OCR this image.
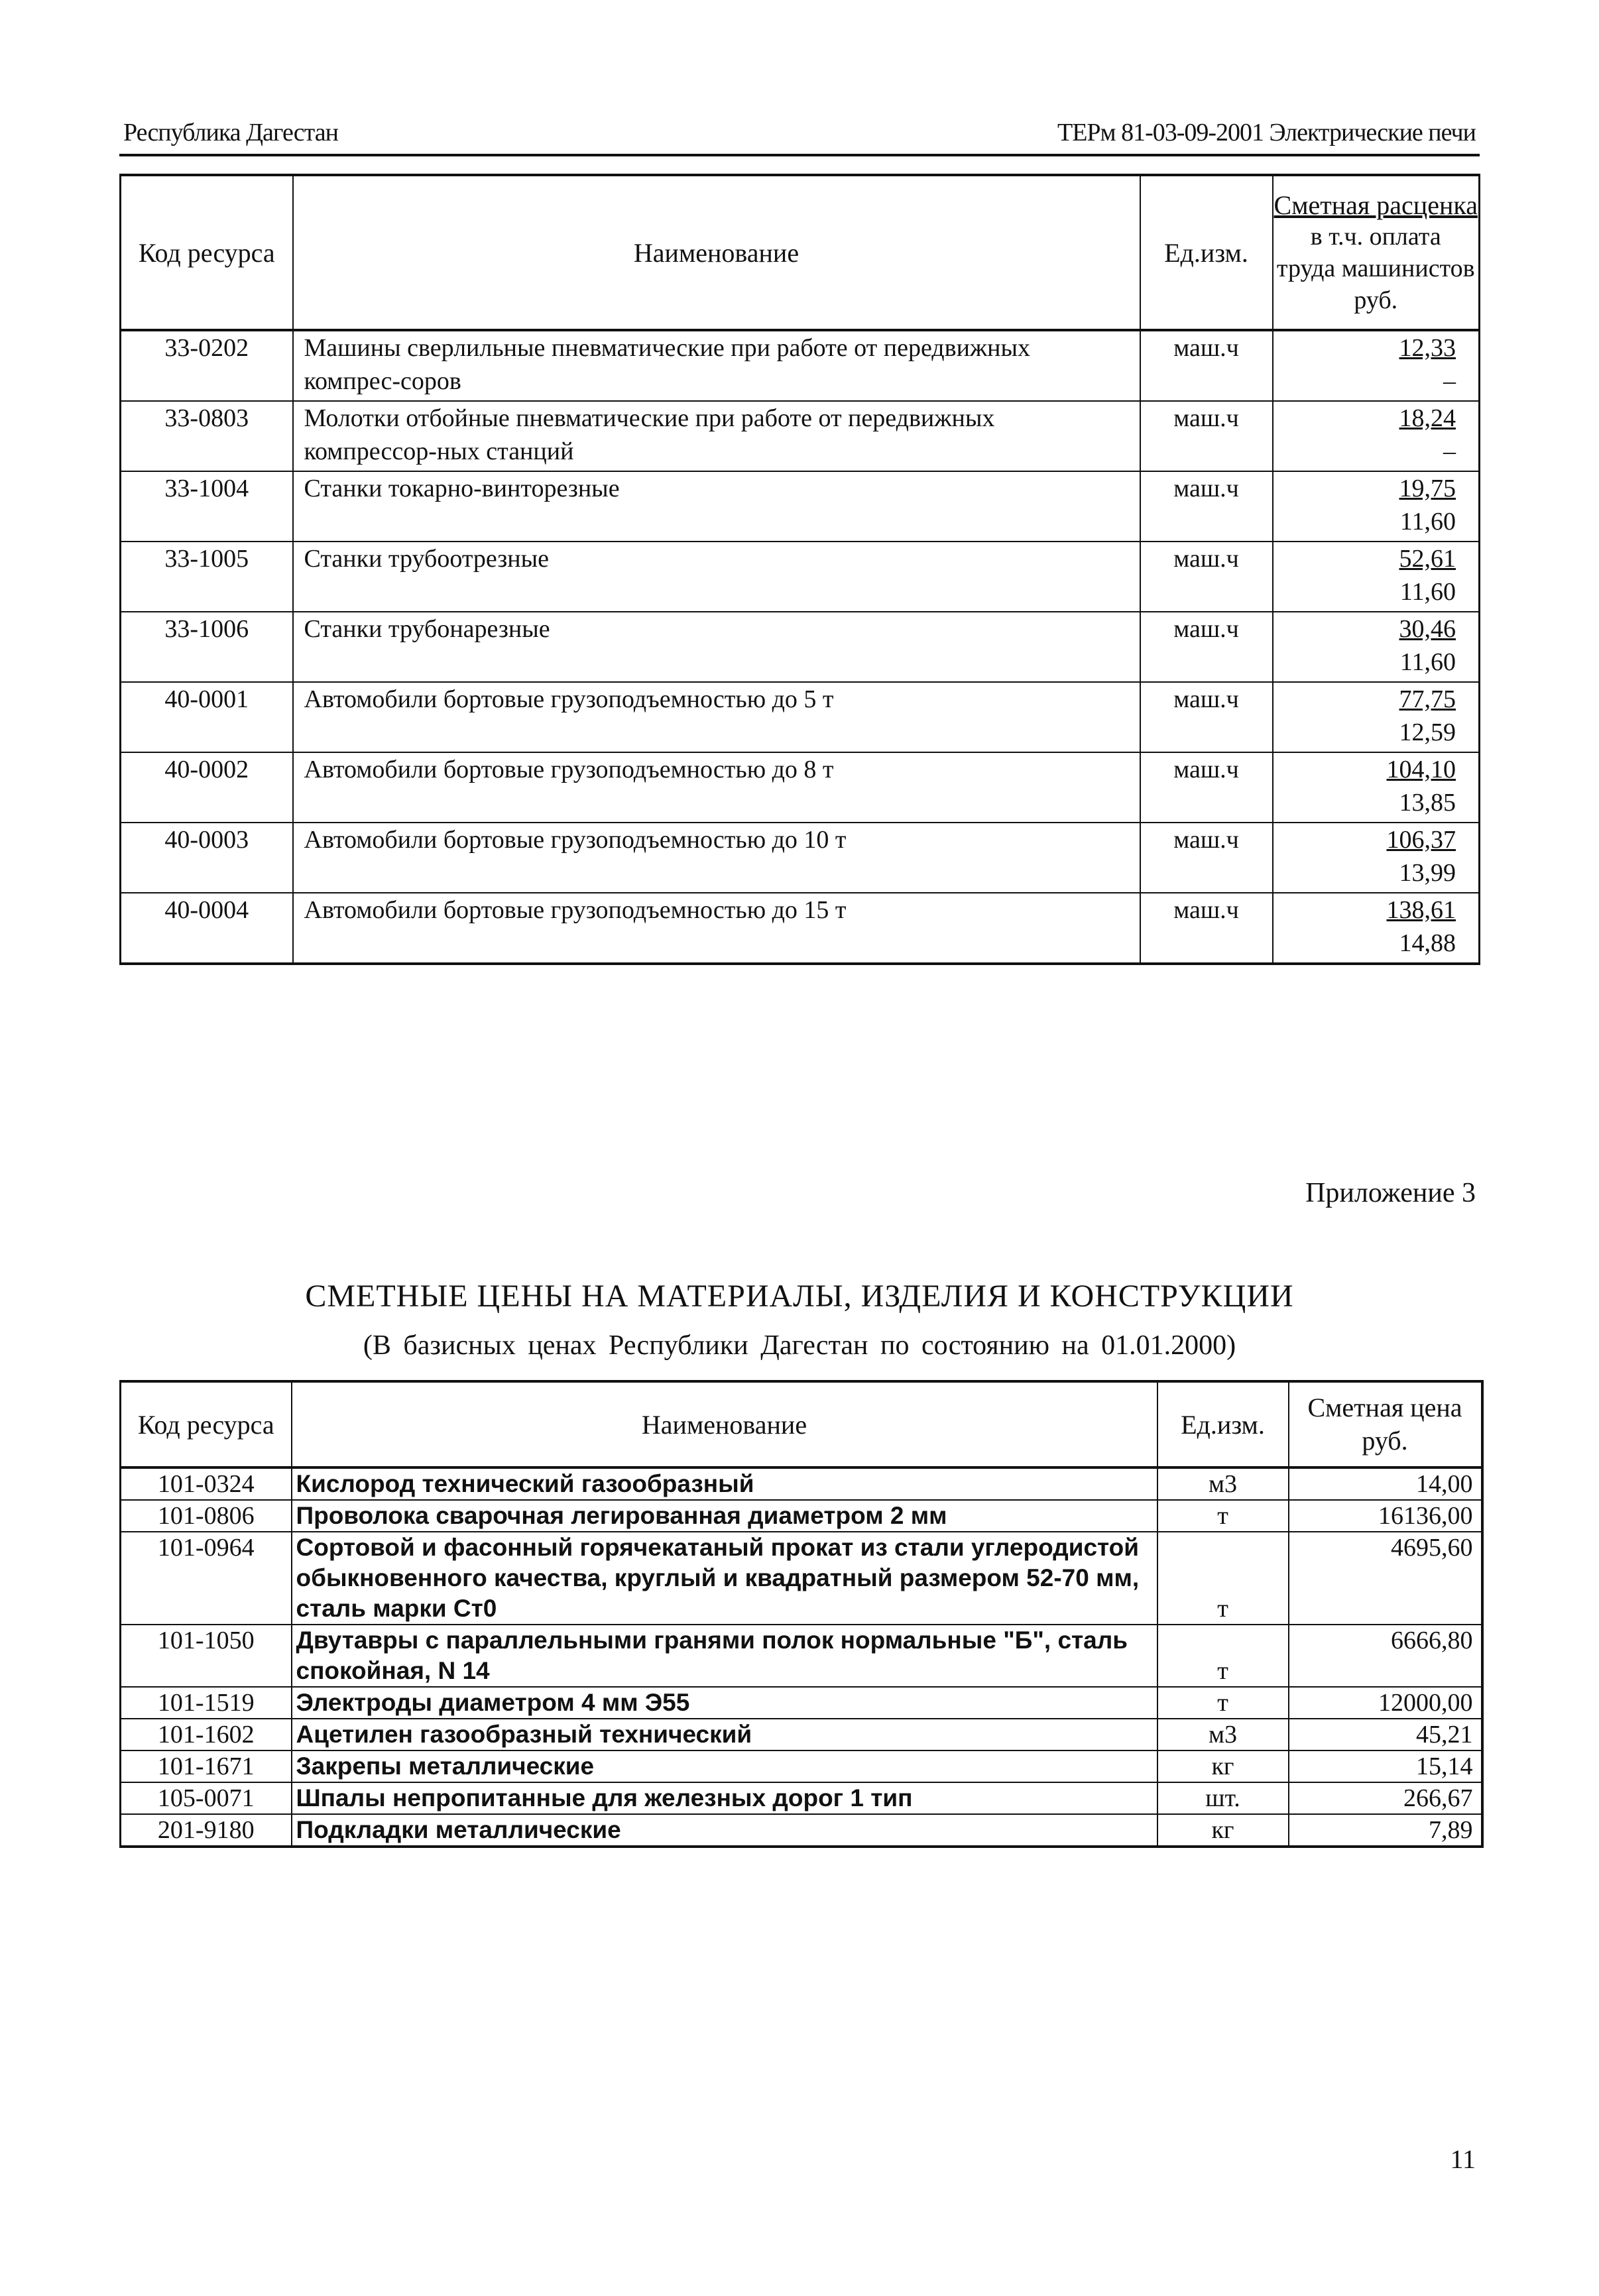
Республика Дагестан	ТЕРм 81-03-09-2001 Электрические печи
Код ресурса	Наименование	Ед.изм.	Сметная расценка
в т.ч. оплата
труда машинистов
руб.

33-0202	Машины сверлильные пневматические при работе от передвижных компрес-соров	маш.ч	12,33
–

33-0803	Молотки отбойные пневматические при работе от передвижных компрессор-ных станций	маш.ч	18,24
–

33-1004	Станки токарно-винторезные	маш.ч	19,75
11,60

33-1005	Станки трубоотрезные	маш.ч	52,61
11,60

33-1006	Станки трубонарезные	маш.ч	30,46
11,60

40-0001	Автомобили бортовые грузоподъемностью до 5 т	маш.ч	77,75
12,59

40-0002	Автомобили бортовые грузоподъемностью до 8 т	маш.ч	104,10
13,85

40-0003	Автомобили бортовые грузоподъемностью до 10 т	маш.ч	106,37
13,99

40-0004	Автомобили бортовые грузоподъемностью до 15 т	маш.ч	138,61
14,88
Приложение 3
СМЕТНЫЕ ЦЕНЫ НА МАТЕРИАЛЫ, ИЗДЕЛИЯ И КОНСТРУКЦИИ
(В базисных ценах Республики Дагестан по состоянию на 01.01.2000)
Код ресурса	Наименование	Ед.изм.	Сметная цена
руб.

101-0324	Кислород технический газообразный	м3	14,00
101-0806	Проволока сварочная легированная диаметром 2 мм	т	16136,00
101-0964	Сортовой и фасонный горячекатаный прокат из стали углеродистой обыкновенного качества, круглый и квадратный размером 52-70 мм, сталь марки Ст0	т	4695,60
101-1050	Двутавры с параллельными гранями полок нормальные "Б", сталь спокойная, N 14	т	6666,80
101-1519	Электроды диаметром 4 мм Э55	т	12000,00
101-1602	Ацетилен газообразный технический	м3	45,21
101-1671	Закрепы металлические	кг	15,14
105-0071	Шпалы непропитанные для железных дорог 1 тип	шт.	266,67
201-9180	Подкладки металлические	кг	7,89
11
